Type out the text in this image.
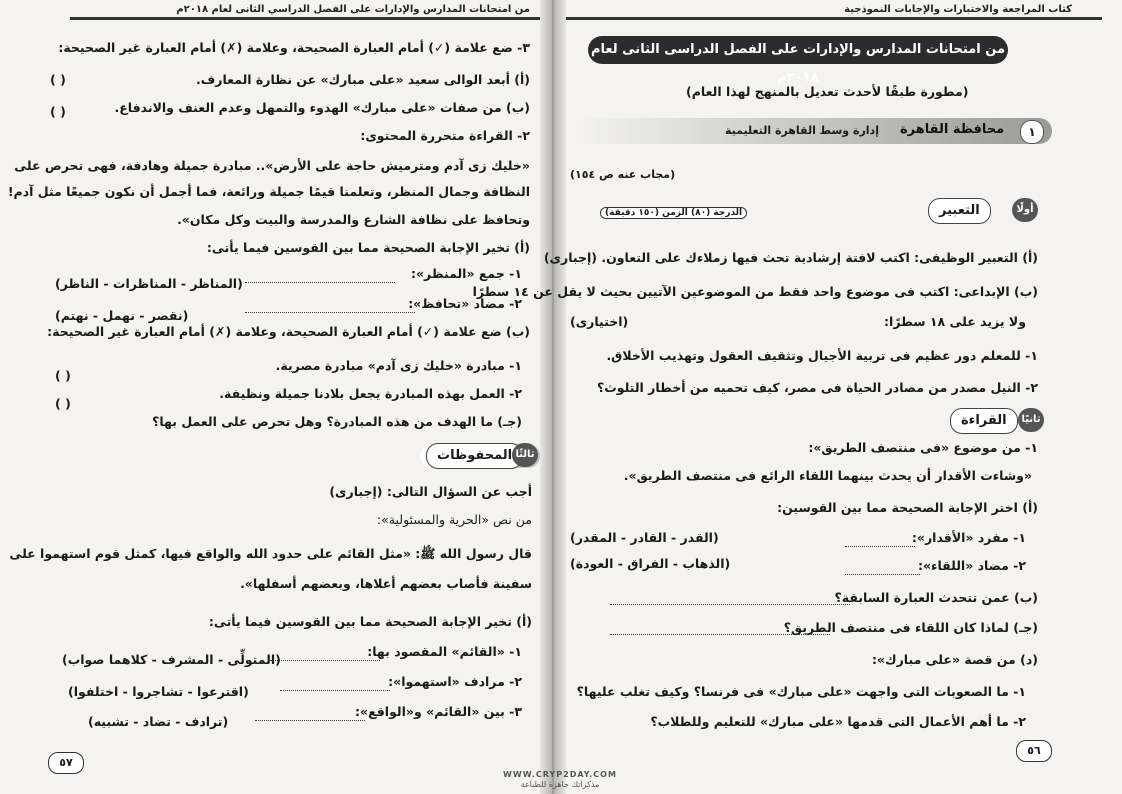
من امتحانات المدارس والإدارات على الفصل الدراسي الثانى لعام ٢٠١٨م
٣- ضع علامة (✓) أمام العبارة الصحيحة، وعلامة (✗) أمام العبارة غير الصحيحة:
(أ) أبعد الوالى سعيد «على مبارك» عن نظارة المعارف.
( )
(ب) من صفات «على مبارك» الهدوء والتمهل وعدم العنف والاندفاع.
( )
٢- القراءة متحررة المحتوى:
«خليك زى آدم ومترميش حاجة على الأرض».. مبادرة جميلة وهادفة، فهى تحرص على
النظافة وجمال المنظر، وتعلمنا قيمًا جميلة ورائعة، فما أجمل أن نكون جميعًا مثل آدم!
وتحافظ على نظافة الشارع والمدرسة والبيت وكل مكان».
(أ) تخير الإجابة الصحيحة مما بين القوسين فيما يأتى:
١- جمع «المنظر»:
(المناظر - المناظرات - الناظر)
٢- مضاد «تحافظ»:
(نقصر - نهمل - نهتم)
(ب) ضع علامة (✓) أمام العبارة الصحيحة، وعلامة (✗) أمام العبارة غير الصحيحة:
١- مبادرة «خليك زى آدم» مبادرة مصرية.
( )
٢- العمل بهذه المبادرة يجعل بلادنا جميلة ونظيفة.
( )
(جـ) ما الهدف من هذه المبادرة؟ وهل تحرص على العمل بها؟
المحفوظات ثالثًا
أجب عن السؤال التالى: (إجبارى)
من نص «الحرية والمسئولية»:
قال رسول الله ﷺ: «مثل القائم على حدود الله والواقع فيها، كمثل قوم استهموا على
سفينة فأصاب بعضهم أعلاها، وبعضهم أسفلها».
(أ) تخير الإجابة الصحيحة مما بين القوسين فيما يأتى:
١- «القائم» المقصود بها:
(المتولِّى - المشرف - كلاهما صواب)
٢- مرادف «استهموا»:
(اقترعوا - تشاجروا - اختلفوا)
٣- بين «القائم» و«الواقع»:
(ترادف - تضاد - تشبيه)
٥٧
كتاب المراجعة والاختبارات والإجابات النموذجية
من امتحانات المدارس والإدارات على الفصل الدراسى الثانى لعام ٢٠١٨م
(مطورة طبقًا لأحدث تعديل بالمنهج لهذا العام)
١
محافظة القاهرة
إدارة وسط القاهرة التعليمية
(مجاب عنه ص ١٥٤)
الدرجة (٨٠) الزمن (١٥٠ دقيقة)	التعبير	أولًا
(أ) التعبير الوظيفى: اكتب لافتة إرشادية تحث فيها زملاءك على التعاون. (إجبارى)
(ب) الإبداعى: اكتب فى موضوع واحد فقط من الموضوعين الآتيين بحيث لا يقل عن ١٤ سطرًا
ولا يزيد على ١٨ سطرًا:
(اختيارى)
١- للمعلم دور عظيم فى تربية الأجيال وتثقيف العقول وتهذيب الأخلاق.
٢- النيل مصدر من مصادر الحياة فى مصر، كيف تحميه من أخطار التلوث؟
القراءة	ثانيًا
١- من موضوع «فى منتصف الطريق»:
«وشاءت الأقدار أن يحدث بينهما اللقاء الرائع فى منتصف الطريق».
(أ) اختر الإجابة الصحيحة مما بين القوسين:
١- مفرد «الأقدار»:
(القدر - القادر - المقدر)
٢- مضاد «اللقاء»:
(الذهاب - الفراق - العودة)
(ب) عمن تتحدث العبارة السابقة؟
(جـ) لماذا كان اللقاء فى منتصف الطريق؟
(د) من قصة «على مبارك»:
١- ما الصعوبات التى واجهت «على مبارك» فى فرنسا؟ وكيف تغلب عليها؟
٢- ما أهم الأعمال التى قدمها «على مبارك» للتعليم وللطلاب؟
٥٦
WWW.CRYP2DAY.COM
مذكراتك جاهزة للطباعة
